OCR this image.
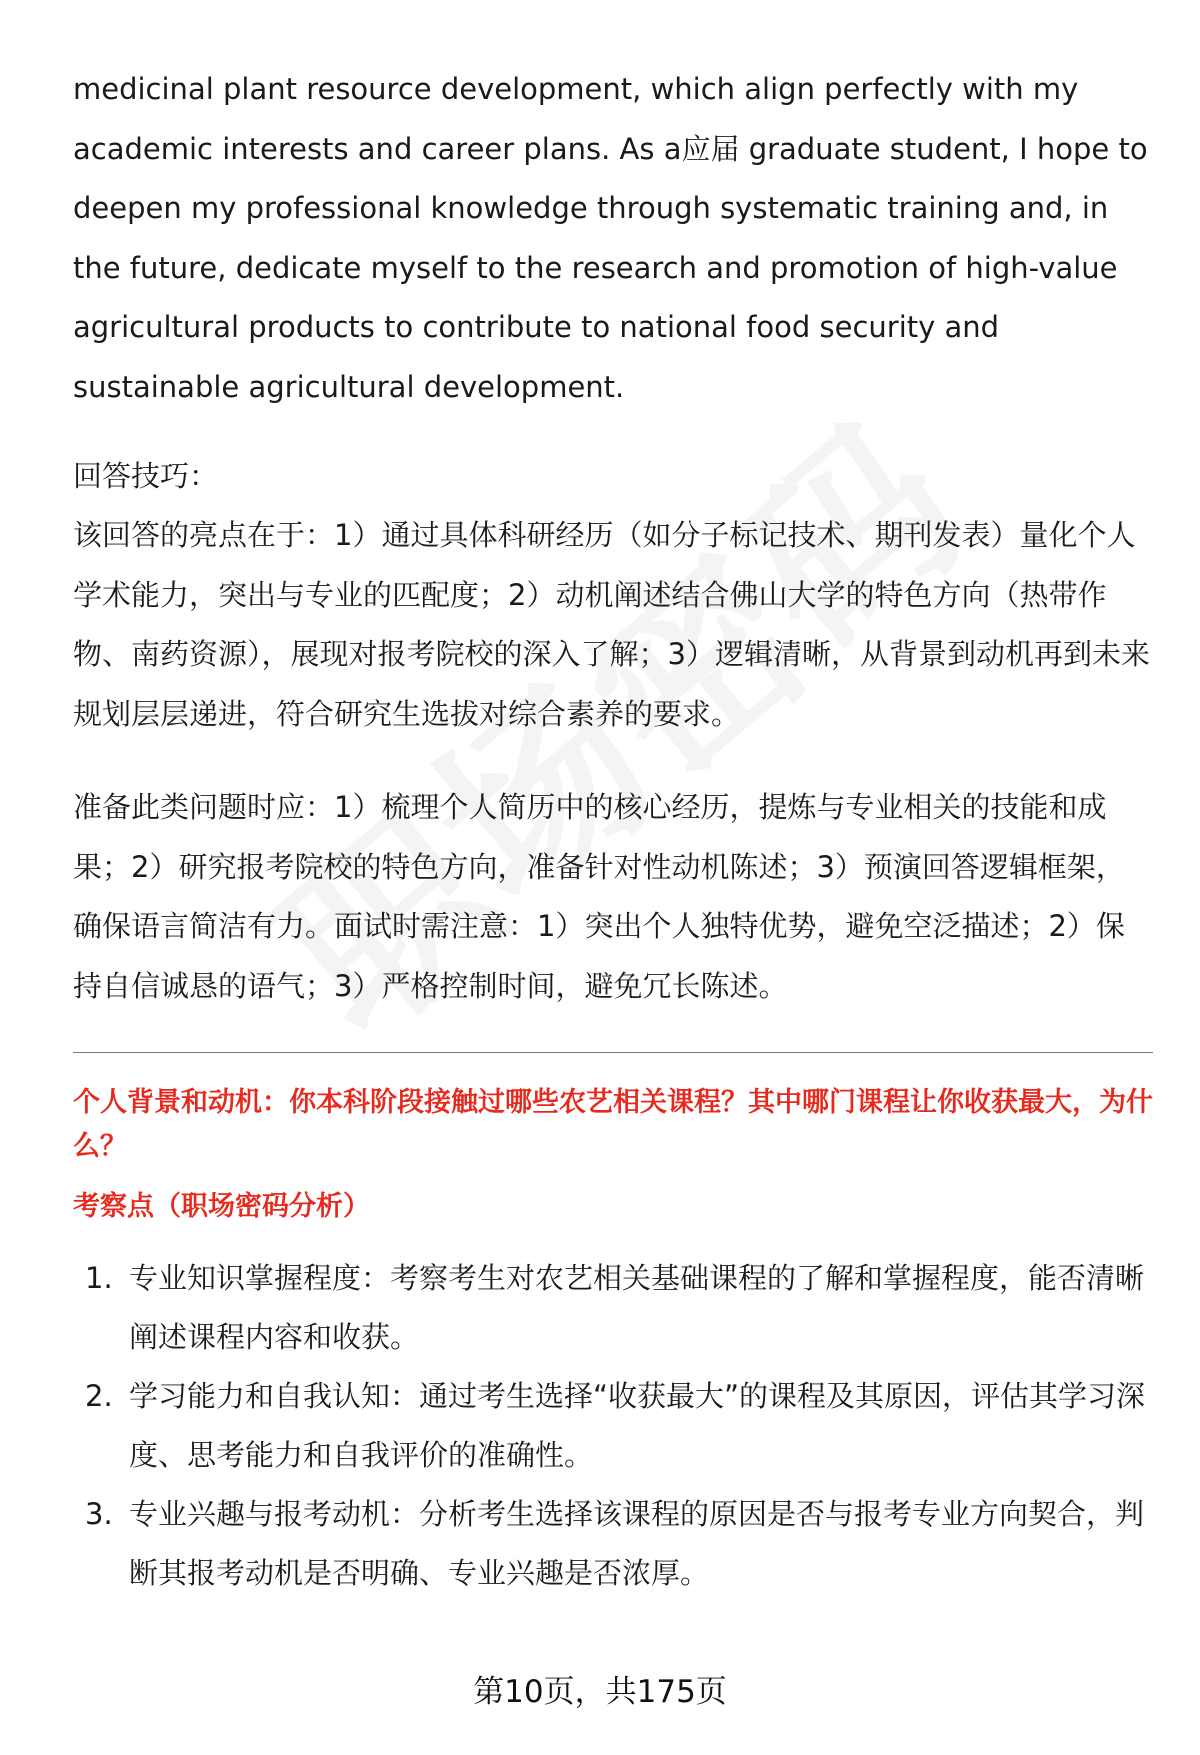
medicinal plant resource development, which align perfectly with my academic interests and career plans. As a应届 graduate student, I hope to deepen my professional knowledge through systematic training and, in the future, dedicate myself to the research and promotion of high-value agricultural products to contribute to national food security and sustainable agricultural development.

回答技巧：

该回答的亮点在于：1）通过具体科研经历（如分子标记技术、期刊发表）量化个人学术能力，突出与专业的匹配度；2）动机阐述结合佛山大学的特色方向（热带作物、南药资源），展现对报考院校的深入了解；3）逻辑清晰，从背景到动机再到未来规划层层递进，符合研究生选拔对综合素养的要求。

准备此类问题时应：1）梳理个人简历中的核心经历，提炼与专业相关的技能和成果；2）研究报考院校的特色方向，准备针对性动机陈述；3）预演回答逻辑框架，确保语言简洁有力。面试时需注意：1）突出个人独特优势，避免空泛描述；2）保持自信诚恳的语气；3）严格控制时间，避免冗长陈述。

个人背景和动机：你本科阶段接触过哪些农艺相关课程？其中哪门课程让你收获最大，为什么？

考察点（职场密码分析）

1. 专业知识掌握程度：考察考生对农艺相关基础课程的了解和掌握程度，能否清晰阐述课程内容和收获。
2. 学习能力和自我认知：通过考生选择“收获最大”的课程及其原因，评估其学习深度、思考能力和自我评价的准确性。
3. 专业兴趣与报考动机：分析考生选择该课程的原因是否与报考专业方向契合，判断其报考动机是否明确、专业兴趣是否浓厚。
第10页，共175页
